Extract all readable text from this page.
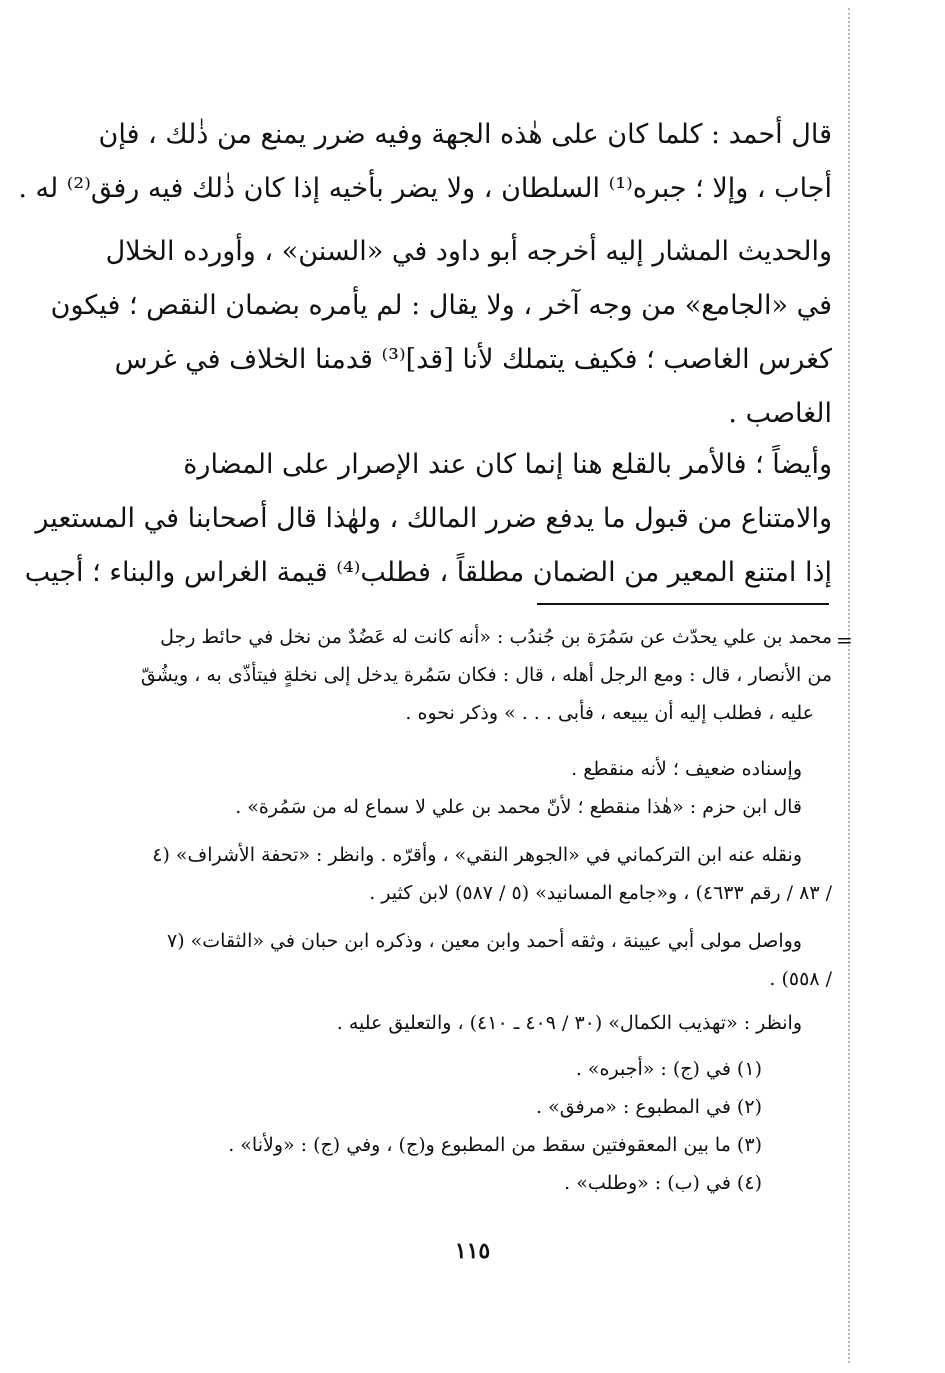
قال أحمد : كلما كان على هٰذه الجهة وفيه ضرر يمنع من ذٰلك ، فإن
أجاب ، وإلا ؛ جبره⁽¹⁾ السلطان ، ولا يضر بأخيه إذا كان ذٰلك فيه رفق⁽²⁾ له .
والحديث المشار إليه أخرجه أبو داود في «السنن» ، وأورده الخلال
في «الجامع» من وجه آخر ، ولا يقال : لم يأمره بضمان النقص ؛ فيكون
كغرس الغاصب ؛ فكيف يتملك لأنا [قد]⁽³⁾ قدمنا الخلاف في غرس
الغاصب .
وأيضاً ؛ فالأمر بالقلع هنا إنما كان عند الإصرار على المضارة
والامتناع من قبول ما يدفع ضرر المالك ، ولهٰذا قال أصحابنا في المستعير
إذا امتنع المعير من الضمان مطلقاً ، فطلب⁽⁴⁾ قيمة الغراس والبناء ؛ أجيب
=
محمد بن علي يحدّث عن سَمُرَة بن جُندُب : «أنه كانت له عَضُدٌ من نخل في حائط رجل
من الأنصار ، قال : ومع الرجل أهله ، قال : فكان سَمُرة يدخل إلى نخلةٍ فيتأذّى به ، ويشُقّ
عليه ، فطلب إليه أن يبيعه ، فأبى . . . » وذكر نحوه .
وإسناده ضعيف ؛ لأنه منقطع .
قال ابن حزم : «هٰذا منقطع ؛ لأنّ محمد بن علي لا سماع له من سَمُرة» .
ونقله عنه ابن التركماني في «الجوهر النقي» ، وأقرّه . وانظر : «تحفة الأشراف» (٤
/ ٨٣ / رقم ٤٦٣٣) ، و«جامع المسانيد» (٥ / ٥٨٧) لابن كثير .
وواصل مولى أبي عيينة ، وثقه أحمد وابن معين ، وذكره ابن حبان في «الثقات» (٧
/ ٥٥٨) .
وانظر : «تهذيب الكمال» (٣٠ / ٤٠٩ ـ ٤١٠) ، والتعليق عليه .
(١) في (ج) : «أجبره» .
(٢) في المطبوع : «مرفق» .
(٣) ما بين المعقوفتين سقط من المطبوع و(ج) ، وفي (ج) : «ولأنا» .
(٤) في (ب) : «وطلب» .
١١٥
